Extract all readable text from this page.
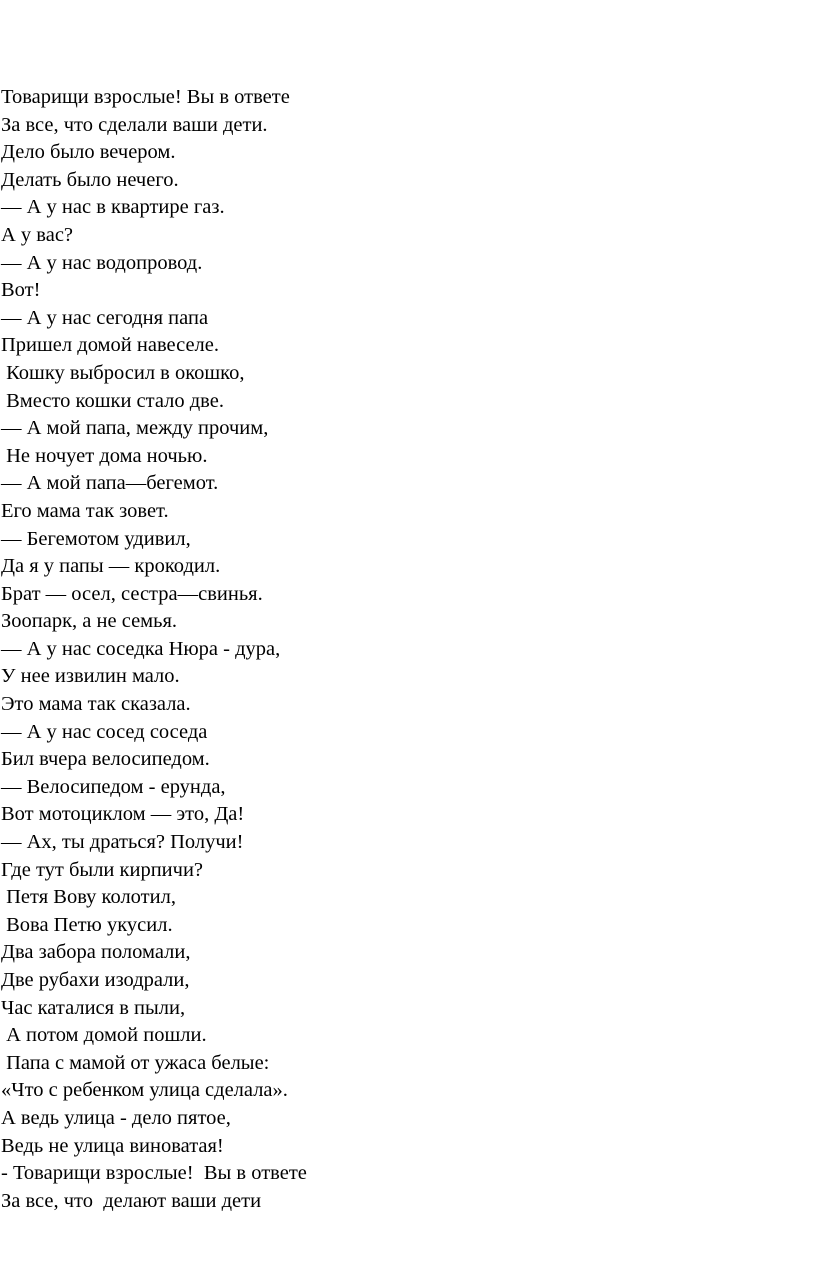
Товарищи взрослые! Вы в ответе
За все, что сделали ваши дети.
Дело было вечером.
Делать было нечего.
— А у нас в квартире газ.
А у вас?
— А у нас водопровод.
Вот!
— А у нас сегодня папа
Пришел домой навеселе.
Кошку выбросил в окошко,
Вместо кошки стало две.
— А мой папа, между прочим,
Не ночует дома ночью.
— А мой папа—бегемот.
Его мама так зовет.
— Бегемотом удивил,
Да я у папы — крокодил.
Брат — осел, сестра—свинья.
Зоопарк, а не семья.
— А у нас соседка Нюра - дура,
У нее извилин мало.
Это мама так сказала.
— А у нас сосед соседа
Бил вчера велосипедом.
— Велосипедом - ерунда,
Вот мотоциклом — это, Да!
— Ах, ты драться? Получи!
Где тут были кирпичи?
Петя Вову колотил,
Вова Петю укусил.
Два забора поломали,
Две рубахи изодрали,
Час каталися в пыли,
А потом домой пошли.
Папа с мамой от ужаса белые:
«Что с ребенком улица сделала».
А ведь улица - дело пятое,
Ведь не улица виноватая!
- Товарищи взрослые!  Вы в ответе
За все, что  делают ваши дети
